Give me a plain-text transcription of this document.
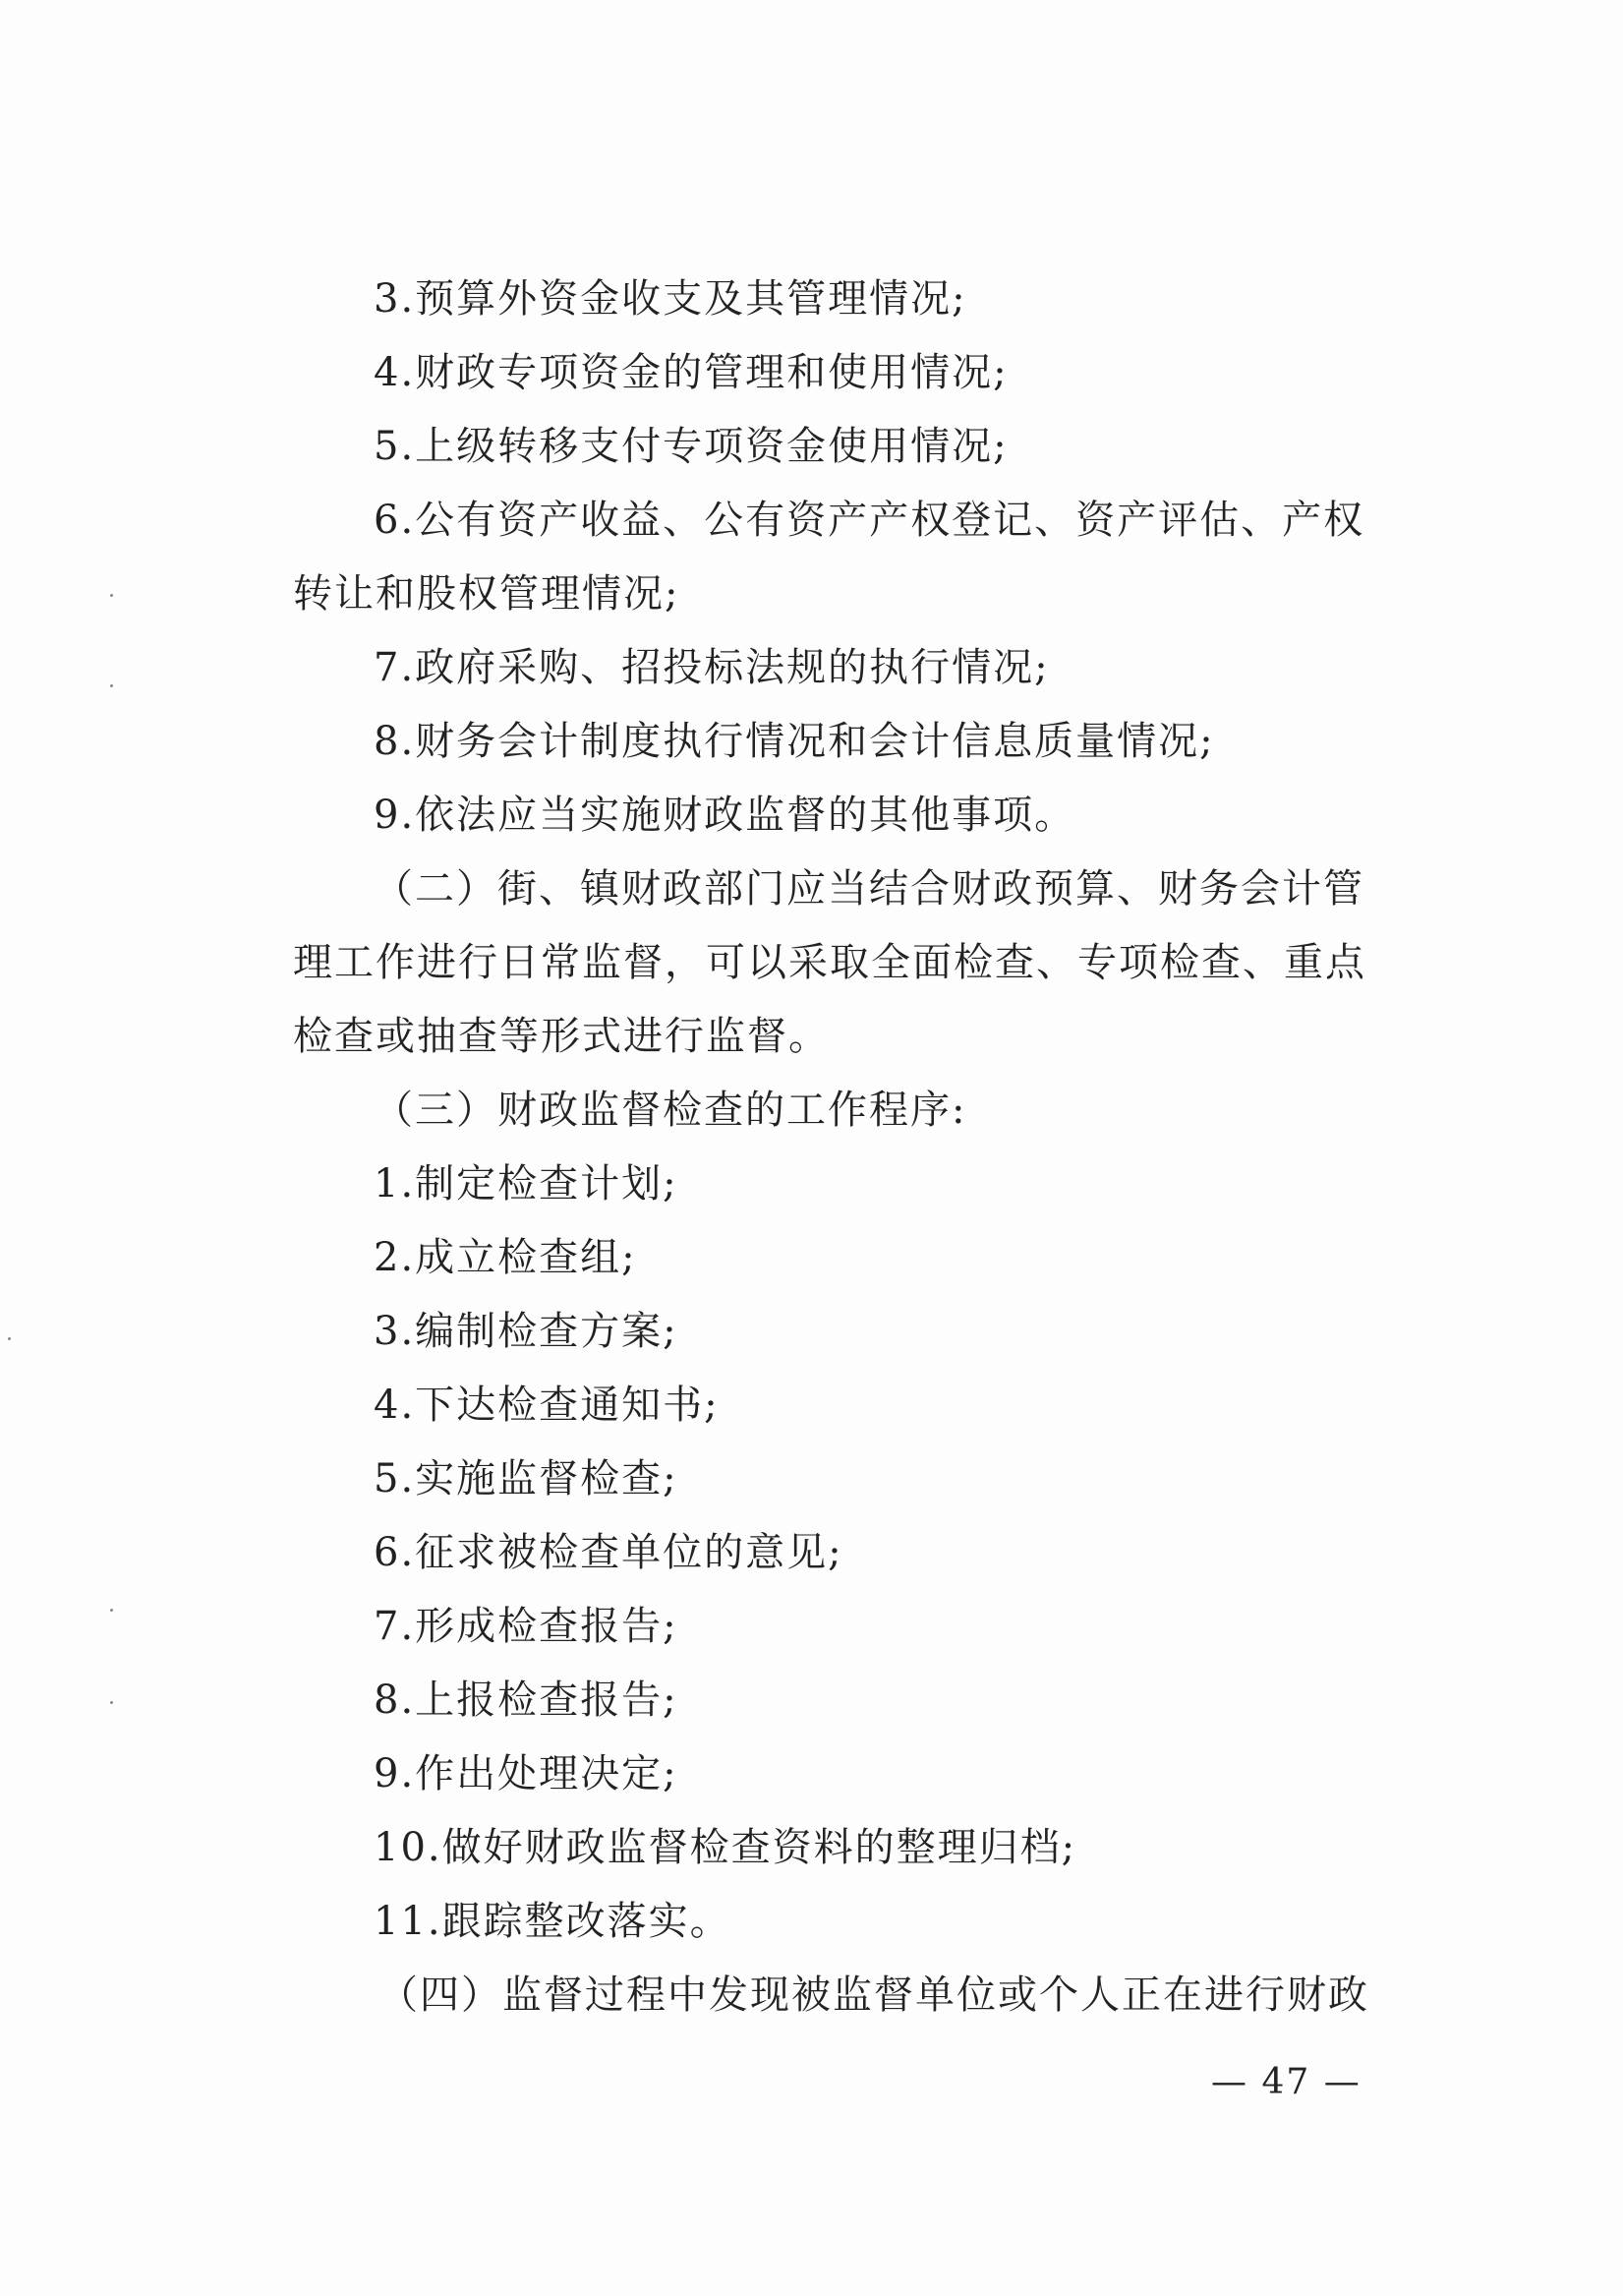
3.预算外资金收支及其管理情况;
4.财政专项资金的管理和使用情况;
5.上级转移支付专项资金使用情况;
6.公有资产收益、公有资产产权登记、资产评估、产权
转让和股权管理情况;
7.政府采购、招投标法规的执行情况;
8.财务会计制度执行情况和会计信息质量情况;
9.依法应当实施财政监督的其他事项。
（二）街、镇财政部门应当结合财政预算、财务会计管
理工作进行日常监督，可以采取全面检查、专项检查、重点
检查或抽查等形式进行监督。
（三）财政监督检查的工作程序:
1.制定检查计划;
2.成立检查组;
3.编制检查方案;
4.下达检查通知书;
5.实施监督检查;
6.征求被检查单位的意见;
7.形成检查报告;
8.上报检查报告;
9.作出处理决定;
10.做好财政监督检查资料的整理归档;
11.跟踪整改落实。
（四）监督过程中发现被监督单位或个人正在进行财政
— 47 —
